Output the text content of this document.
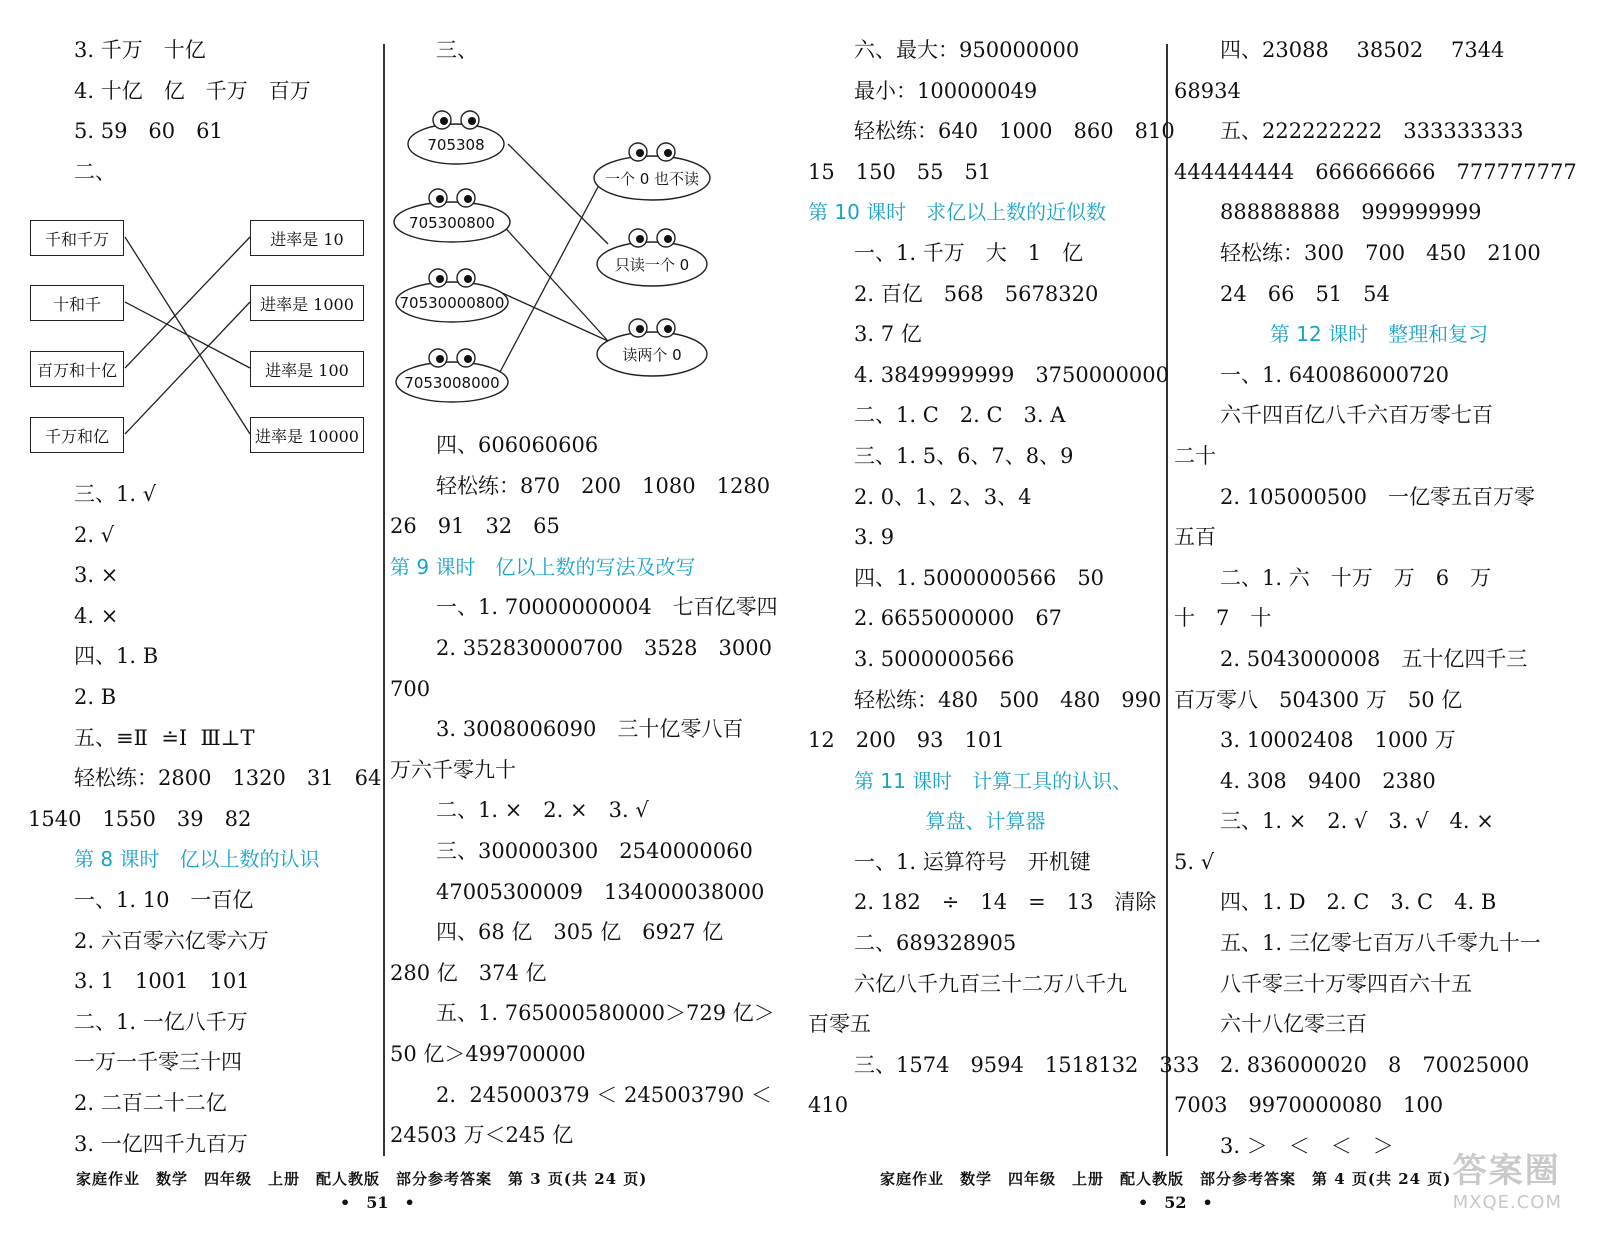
3. 千万　十亿
4. 十亿　亿　千万　百万
5. 59　60　61
二、
千和千万
十和千
百万和十亿
千万和亿
进率是 10
进率是 1000
进率是 100
进率是 10000
三、1. √
2. √
3. ×
4. ×
四、1. B
2. B
五、≡Ⅱ  ≐Ⅰ  Ⅲ⊥T
轻松练：2800　1320　31　64
1540　1550　39　82
第 8 课时　亿以上数的认识
一、1. 10　一百亿
2. 六百零六亿零六万
3. 1　1001　101
二、1. 一亿八千万
一万一千零三十四
2. 二百二十二亿
3. 一亿四千九百万
三、
705308
705300800
70530000800
7053008000
一个 0 也不读
只读一个 0
读两个 0
四、606060606
轻松练：870　200　1080　1280
26　91　32　65
第 9 课时　亿以上数的写法及改写
一、1. 70000000004　七百亿零四
2. 352830000700　3528　3000
700
3. 3008006090　三十亿零八百
万六千零九十
二、1. ×　2. ×　3. √
三、300000300　2540000060
47005300009　134000038000
四、68 亿　305 亿　6927 亿
280 亿　374 亿
五、1. 765000580000＞729 亿＞
50 亿＞499700000
2.  245000379 ＜ 245003790 ＜
24503 万＜245 亿
六、最大：950000000
最小：100000049
轻松练：640　1000　860　810
15　150　55　51
第 10 课时　求亿以上数的近似数
一、1. 千万　大　1　亿
2. 百亿　568　5678320
3. 7 亿
4. 3849999999　3750000000
二、1. C　2. C　3. A
三、1. 5、6、7、8、9
2. 0、1、2、3、4
3. 9
四、1. 5000000566　50
2. 6655000000　67
3. 5000000566
轻松练：480　500　480　990
12　200　93　101
第 11 课时　计算工具的认识、
算盘、计算器
一、1. 运算符号　开机键
2. 182　÷　14　=　13　清除
二、689328905
六亿八千九百三十二万八千九
百零五
三、1574　9594　1518132　333
410
四、23088　 38502　 7344
68934
五、222222222　333333333
444444444　666666666　777777777
888888888　999999999
轻松练：300　700　450　2100
24　66　51　54
第 12 课时　整理和复习
一、1. 640086000720
六千四百亿八千六百万零七百
二十
2. 105000500　一亿零五百万零
五百
二、1. 六　十万　万　6　万
十　7　十
2. 5043000008　五十亿四千三
百万零八　504300 万　50 亿
3. 10002408　1000 万
4. 308　9400　2380
三、1. ×　2. √　3. √　4. ×
5. √
四、1. D　2. C　3. C　4. B
五、1. 三亿零七百万八千零九十一
八千零三十万零四百六十五
六十八亿零三百
2. 836000020　8　70025000
7003　9970000080　100
3. ＞　＜　＜　＞
家庭作业　数学　四年级　上册　配人教版　部分参考答案　第 3 页(共 24 页)
•　51　•
家庭作业　数学　四年级　上册　配人教版　部分参考答案　第 4 页(共 24 页)
•　52　•
答案圈
MXQE.COM
